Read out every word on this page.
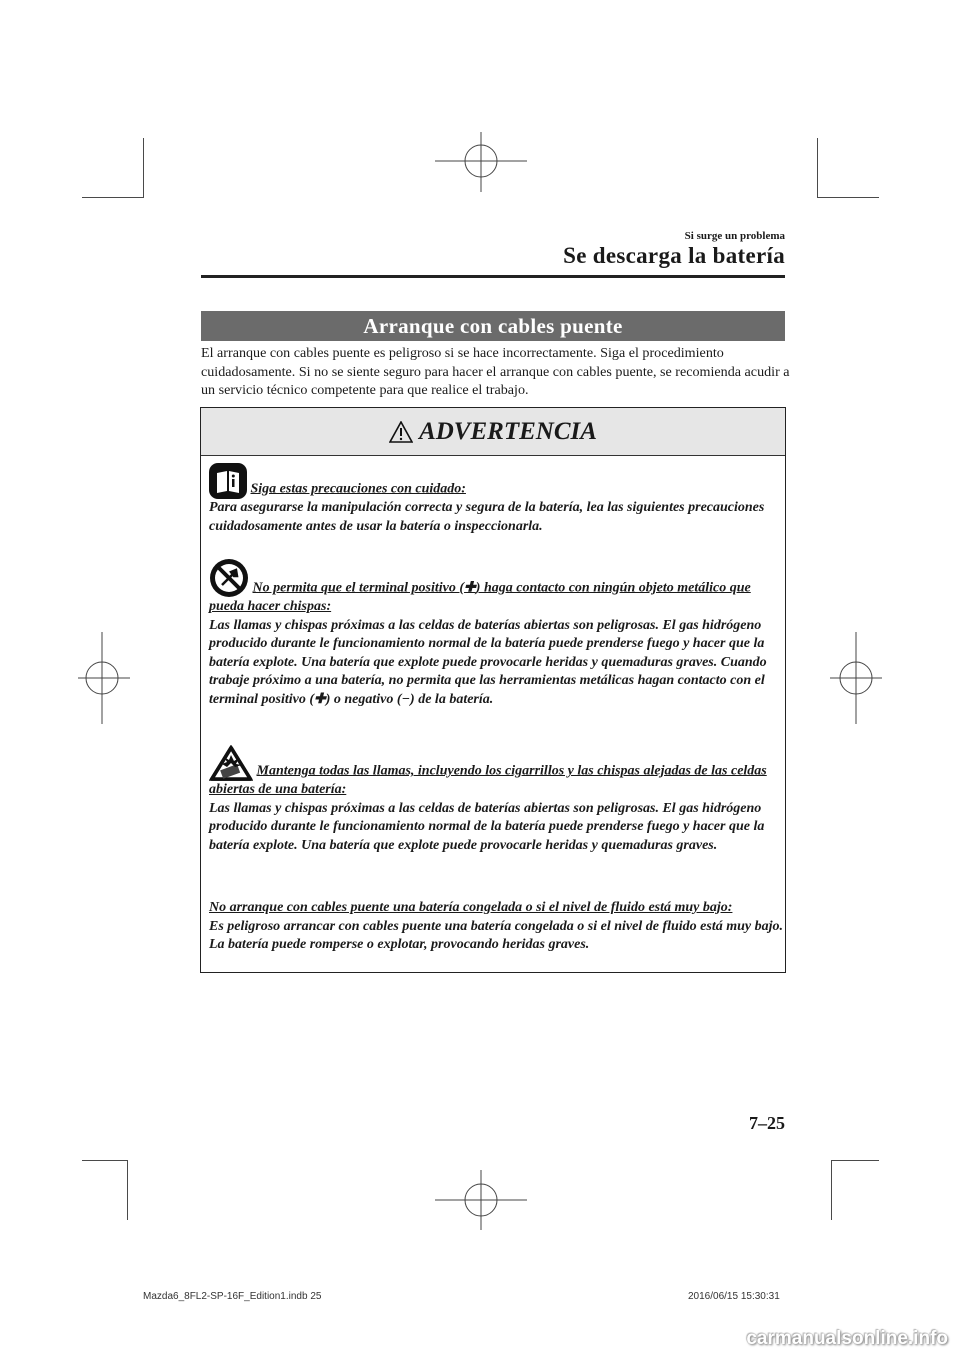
Si surge un problema
Se descarga la batería
Arranque con cables puente

El arranque con cables puente es peligroso si se hace incorrectamente. Siga el procedimiento cuidadosamente. Si no se siente seguro para hacer el arranque con cables puente, se recomienda acudir a un servicio técnico competente para que realice el trabajo.

ADVERTENCIA

Siga estas precauciones con cuidado:

Para asegurarse la manipulación correcta y segura de la batería, lea las siguientes precauciones cuidadosamente antes de usar la batería o inspeccionarla.

No permita que el terminal positivo (✚) haga contacto con ningún objeto metálico que pueda hacer chispas:

Las llamas y chispas próximas a las celdas de baterías abiertas son peligrosas. El gas hidrógeno producido durante le funcionamiento normal de la batería puede prenderse fuego y hacer que la batería explote. Una batería que explote puede provocarle heridas y quemaduras graves. Cuando trabaje próximo a una batería, no permita que las herramientas metálicas hagan contacto con el terminal positivo (✚) o negativo (−) de la batería.

Mantenga todas las llamas, incluyendo los cigarrillos y las chispas alejadas de las celdas abiertas de una batería:

Las llamas y chispas próximas a las celdas de baterías abiertas son peligrosas. El gas hidrógeno producido durante le funcionamiento normal de la batería puede prenderse fuego y hacer que la batería explote. Una batería que explote puede provocarle heridas y quemaduras graves.

No arranque con cables puente una batería congelada o si el nivel de fluido está muy bajo:

Es peligroso arrancar con cables puente una batería congelada o si el nivel de fluido está muy bajo. La batería puede romperse o explotar, provocando heridas graves.

7–25
Mazda6_8FL2-SP-16F_Edition1.indb 25	2016/06/15 15:30:31
carmanualsonline.info
